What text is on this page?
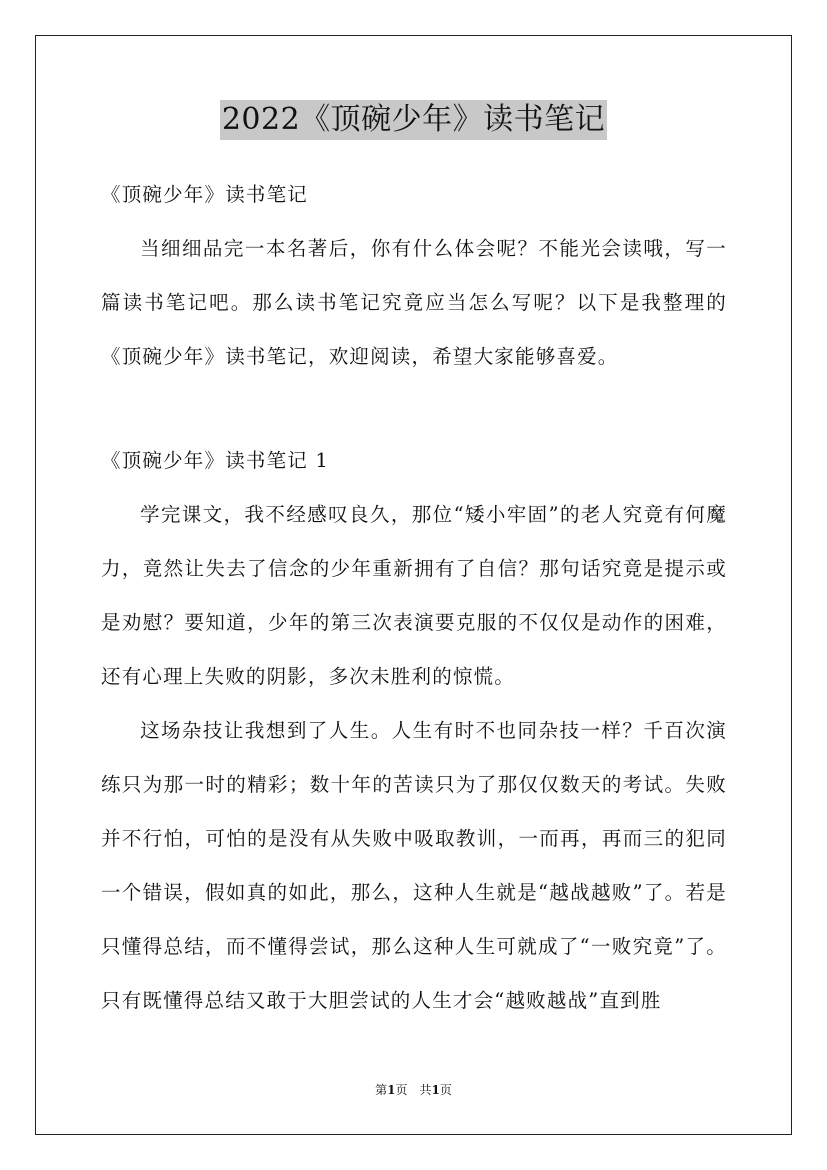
2022《顶碗少年》读书笔记

《顶碗少年》读书笔记

当细细品完一本名著后，你有什么体会呢？不能光会读哦，写一篇读书笔记吧。那么读书笔记究竟应当怎么写呢？以下是我整理的《顶碗少年》读书笔记，欢迎阅读，希望大家能够喜爱。

《顶碗少年》读书笔记 1

学完课文，我不经感叹良久，那位“矮小牢固”的老人究竟有何魔力，竟然让失去了信念的少年重新拥有了自信？那句话究竟是提示或是劝慰？要知道，少年的第三次表演要克服的不仅仅是动作的困难，还有心理上失败的阴影，多次未胜利的惊慌。

这场杂技让我想到了人生。人生有时不也同杂技一样？千百次演练只为那一时的精彩；数十年的苦读只为了那仅仅数天的考试。失败并不行怕，可怕的是没有从失败中吸取教训，一而再，再而三的犯同一个错误，假如真的如此，那么，这种人生就是“越战越败”了。若是只懂得总结，而不懂得尝试，那么这种人生可就成了“一败究竟”了。只有既懂得总结又敢于大胆尝试的人生才会“越败越战”直到胜

第1页　共1页
